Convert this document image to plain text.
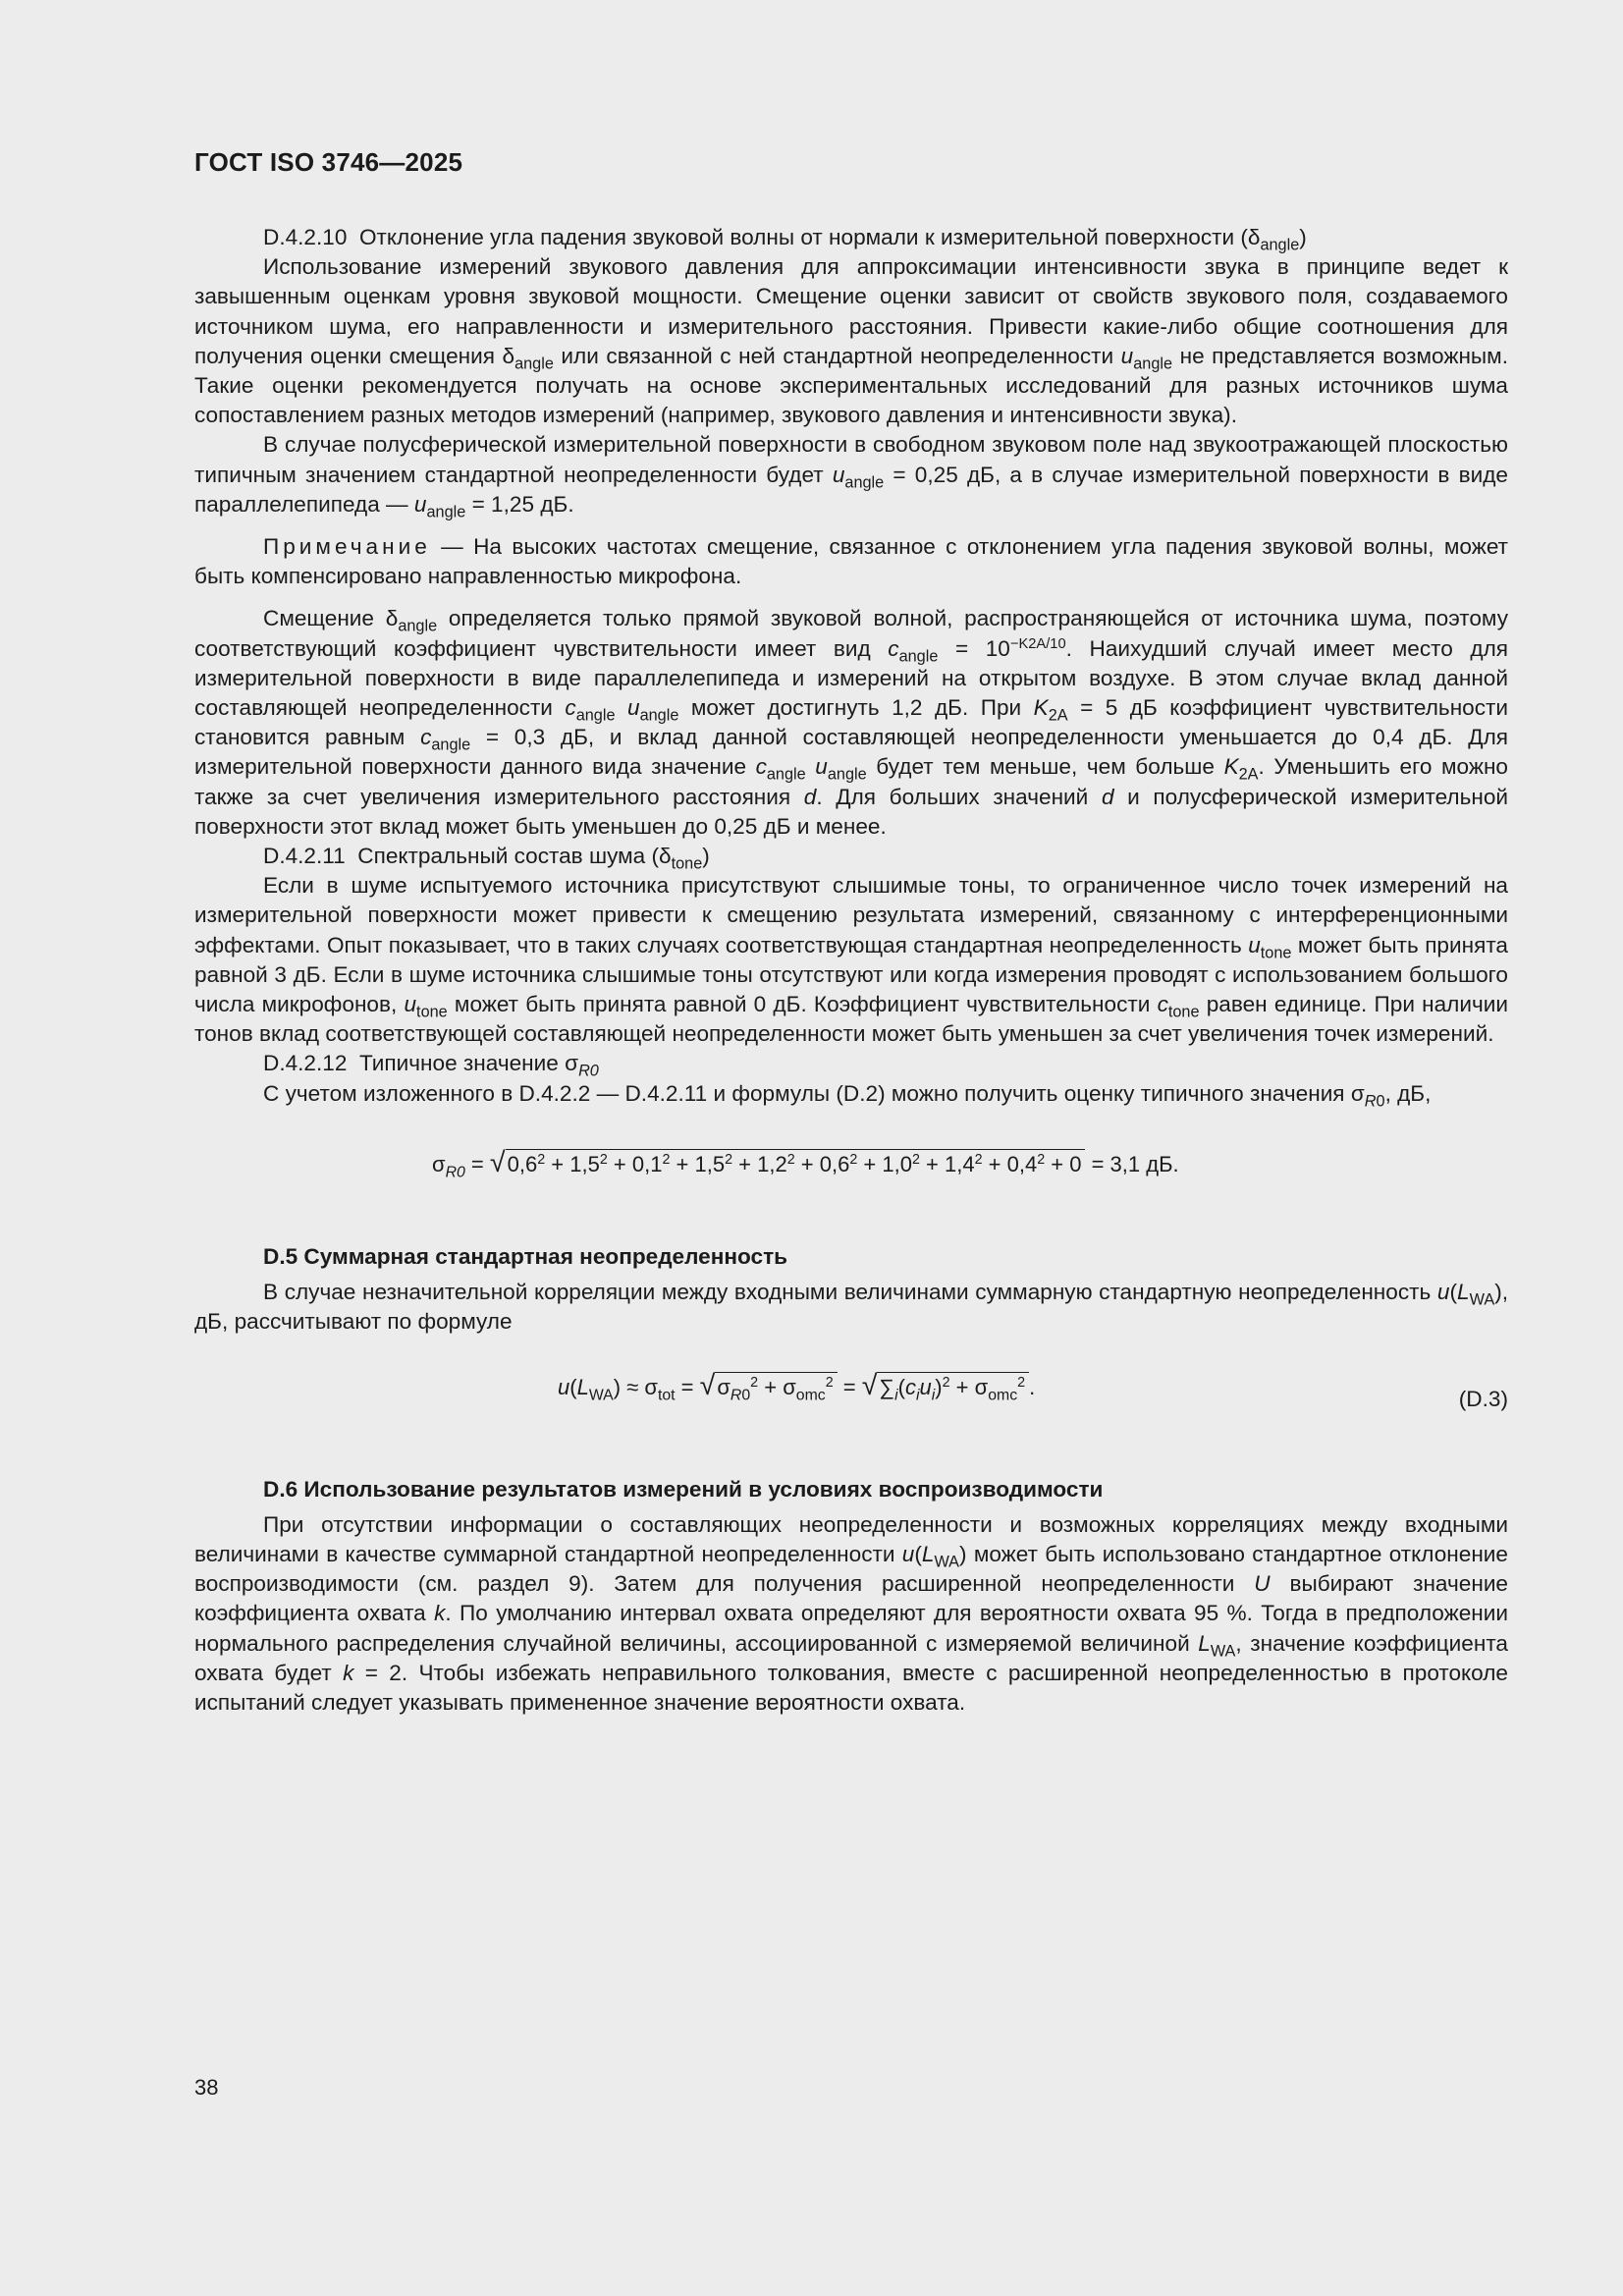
ГОСТ ISO 3746—2025

D.4.2.10 Отклонение угла падения звуковой волны от нормали к измерительной поверхности $(\delta_{angle})$

Использование измерений звукового давления для аппроксимации интенсивности звука в принципе ведет к завышенным оценкам уровня звуковой мощности. Смещение оценки зависит от свойств звукового поля, создаваемого источником шума, его направленности и измерительного расстояния. Привести какие-либо общие соотношения для получения оценки смещения $\delta_{angle}$ или связанной с ней стандартной неопределенности $u_{angle}$ не представляется возможным. Такие оценки рекомендуется получать на основе экспериментальных исследований для разных источников шума сопоставлением разных методов измерений (например, звукового давления и интенсивности звука).

В случае полусферической измерительной поверхности в свободном звуковом поле над звукоотражающей плоскостью типичным значением стандартной неопределенности будет $u_{angle} = 0,25$ дБ, а в случае измерительной поверхности в виде параллелепипеда — $u_{angle} = 1,25$ дБ.

Примечание — На высоких частотах смещение, связанное с отклонением угла падения звуковой волны, может быть компенсировано направленностью микрофона.

Смещение $\delta_{angle}$ определяется только прямой звуковой волной, распространяющейся от источника шума, поэтому соответствующий коэффициент чувствительности имеет вид $c_{angle} = 10^{-K2A/10}$. Наихудший случай имеет место для измерительной поверхности в виде параллелепипеда и измерений на открытом воздухе. В этом случае вклад данной составляющей неопределенности $c_{angle}$ $u_{angle}$ может достигнуть 1,2 дБ. При $K_{2A} = 5$ дБ коэффициент чувствительности становится равным $c_{angle} = 0,3$ дБ, и вклад данной составляющей неопределенности уменьшается до 0,4 дБ. Для измерительной поверхности данного вида значение $c_{angle}$ $u_{angle}$ будет тем меньше, чем больше $K_{2A}$. Уменьшить его можно также за счет увеличения измерительного расстояния d. Для больших значений d и полусферической измерительной поверхности этот вклад может быть уменьшен до 0,25 дБ и менее.

D.4.2.11 Спектральный состав шума $(\delta_{tone})$

Если в шуме испытуемого источника присутствуют слышимые тоны, то ограниченное число точек измерений на измерительной поверхности может привести к смещению результата измерений, связанному с интерференционными эффектами. Опыт показывает, что в таких случаях соответствующая стандартная неопределенность $u_{tone}$ может быть принята равной 3 дБ. Если в шуме источника слышимые тоны отсутствуют или когда измерения проводят с использованием большого числа микрофонов, $u_{tone}$ может быть принята равной 0 дБ. Коэффициент чувствительности $c_{tone}$ равен единице. При наличии тонов вклад соответствующей составляющей неопределенности может быть уменьшен за счет увеличения точек измерений.

D.4.2.12 Типичное значение $\sigma_{R0}$

С учетом изложенного в D.4.2.2 — D.4.2.11 и формулы (D.2) можно получить оценку типичного значения $\sigma_{R0}$, дБ,

$\sigma_{R0} = √0,6^2 + 1,5^2 + 0,1^2 + 1,5^2 + 1,2^2 + 0,6^2 + 1,0^2 + 1,4^2 + 0,4^2 + 0 = 3,1$ дБ.

D.5 Суммарная стандартная неопределенность

В случае незначительной корреляции между входными величинами суммарную стандартную неопределенность $u(L_{WA})$, дБ, рассчитывают по формуле

$u(L_{WA}) \approx \sigma_{tot} = √\sigma_{R0}^2 + \sigma_{omc}^2 = √\sum_i(c_iu_i)^2 + \sigma_{omc}^2$ .	(D.3)

D.6 Использование результатов измерений в условиях воспроизводимости

При отсутствии информации о составляющих неопределенности и возможных корреляциях между входными величинами в качестве суммарной стандартной неопределенности $u(L_{WA})$ может быть использовано стандартное отклонение воспроизводимости (см. раздел 9). Затем для получения расширенной неопределенности U выбирают значение коэффициента охвата k. По умолчанию интервал охвата определяют для вероятности охвата 95 %. Тогда в предположении нормального распределения случайной величины, ассоциированной с измеряемой величиной $L_{WA}$, значение коэффициента охвата будет k = 2. Чтобы избежать неправильного толкования, вместе с расширенной неопределенностью в протоколе испытаний следует указывать примененное значение вероятности охвата.

38
